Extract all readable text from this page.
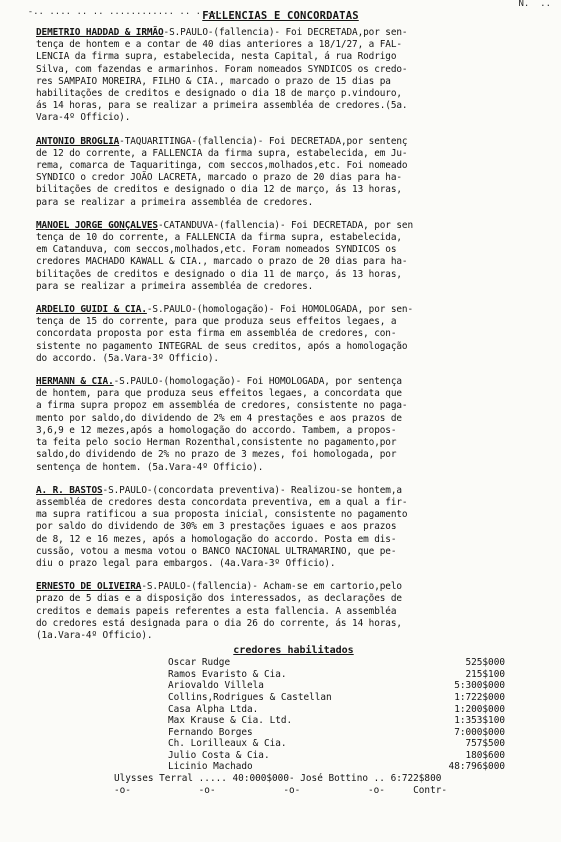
-.. .... .. .. ............ .. .....

N.  ..

FALLENCIAS E CONCORDATAS
DEMETRIO HADDAD & IRMÃO-S.PAULO-(fallencia)- Foi DECRETADA,por sen-
tença de hontem e a contar de 40 dias anteriores a 18/1/27, a FAL-
LENCIA da firma supra, estabelecida, nesta Capital, á rua Rodrigo
Silva, com fazendas e armarinhos. Foram nomeados SYNDICOS os credo-
res SAMPAIO MOREIRA, FILHO & CIA., marcado o prazo de 15 dias pa
habilitações de creditos e designado o dia 18 de março p.vindouro,
ás 14 horas, para se realizar a primeira assembléa de credores.(5a.
Vara-4º Officio).
ANTONIO BROGLIA-TAQUARITINGA-(fallencia)- Foi DECRETADA,por sentenç
de 12 do corrente, a FALLENCIA da firma supra, estabelecida, em Ju-
rema, comarca de Taquaritinga, com seccos,molhados,etc. Foi nomeado
SYNDICO o credor JOÃO LACRETA, marcado o prazo de 20 dias para ha-
bilitações de creditos e designado o dia 12 de março, ás 13 horas,
para se realizar a primeira assembléa de credores.
MANOEL JORGE GONÇALVES-CATANDUVA-(fallencia)- Foi DECRETADA, por sen
tença de 10 do corrente, a FALLENCIA da firma supra, estabelecida,
em Catanduva, com seccos,molhados,etc. Foram nomeados SYNDICOS os
credores MACHADO KAWALL & CIA., marcado o prazo de 20 dias para ha-
bilitações de creditos e designado o dia 11 de março, ás 13 horas,
para se realizar a primeira assembléa de credores.
ARDELIO GUIDI & CIA.-S.PAULO-(homologação)- Foi HOMOLOGADA, por sen-
tença de 15 do corrente, para que produza seus effeitos legaes, a
concordata proposta por esta firma em assembléa de credores, con-
sistente no pagamento INTEGRAL de seus creditos, após a homologação
do accordo. (5a.Vara-3º Officio).
HERMANN & CIA.-S.PAULO-(homologação)- Foi HOMOLOGADA, por sentença
de hontem, para que produza seus effeitos legaes, a concordata que
a firma supra propoz em assembléa de credores, consistente no paga-
mento por saldo,do dividendo de 2% em 4 prestações e aos prazos de
3,6,9 e 12 mezes,após a homologação do accordo. Tambem, a propos-
ta feita pelo socio Herman Rozenthal,consistente no pagamento,por
saldo,do dividendo de 2% no prazo de 3 mezes, foi homologada, por
sentença de hontem. (5a.Vara-4º Officio).
A. R. BASTOS-S.PAULO-(concordata preventiva)- Realizou-se hontem,a
assembléa de credores desta concordata preventiva, em a qual a fir-
ma supra ratificou a sua proposta inicial, consistente no pagamento
por saldo do dividendo de 30% em 3 prestações iguaes e aos prazos
de 8, 12 e 16 mezes, após a homologação do accordo. Posta em dis-
cussão, votou a mesma votou o BANCO NACIONAL ULTRAMARINO, que pe-
diu o prazo legal para embargos. (4a.Vara-3º Officio).
ERNESTO DE OLIVEIRA-S.PAULO-(fallencia)- Acham-se em cartorio,pelo
prazo de 5 dias e a disposição dos interessados, as declarações de
creditos e demais papeis referentes a esta fallencia. A assembléa
do credores está designada para o dia 26 do corrente, ás 14 horas,
(1a.Vara-4º Officio).
credores habilitados
Oscar Rudge	525$000
Ramos Evaristo & Cia.	215$100
Ariovaldo Villela	5:300$000
Collins,Rodrigues & Castellan	1:722$000
Casa Alpha Ltda.	1:200$000
Max Krause & Cia. Ltd.	1:353$100
Fernando Borges	7:000$000
Ch. Lorilleaux & Cia.	757$500
Julio Costa & Cia.	180$600
Licinio Machado	48:796$000
Ulysses Terral ..... 40:000$000- José Bottino .. 6:722$800
-o-            -o-            -o-            -o-     Contr-
